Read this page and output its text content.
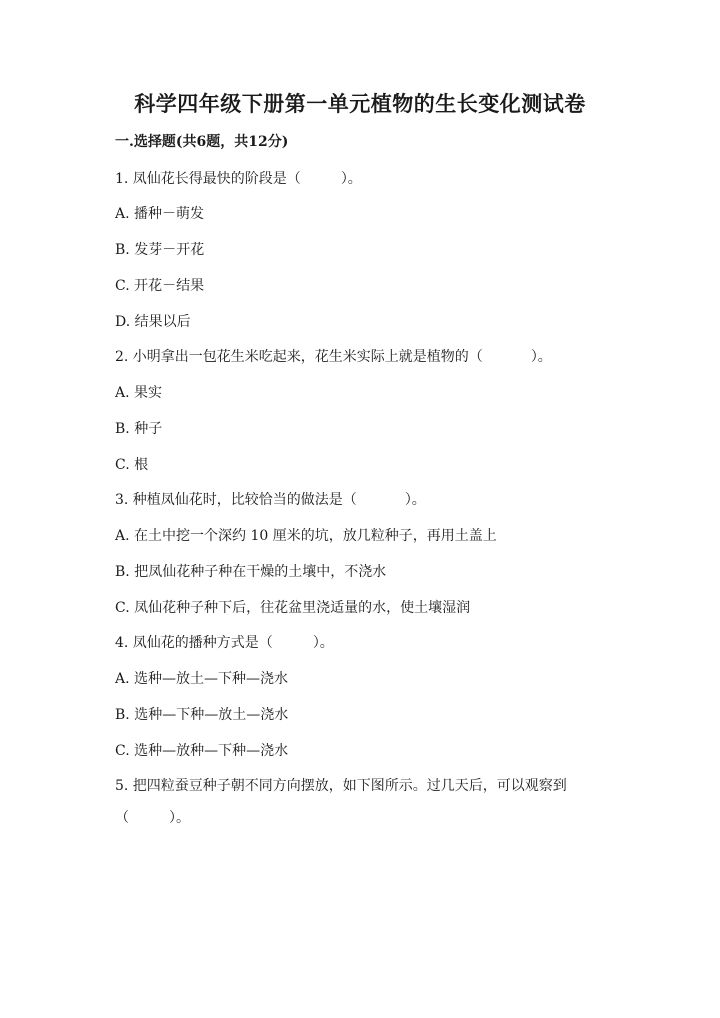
科学四年级下册第一单元植物的生长变化测试卷

一.选择题(共6题，共12分)

1. 凤仙花长得最快的阶段是（	）。

A. 播种－萌发

B. 发芽－开花

C. 开花－结果

D. 结果以后

2. 小明拿出一包花生米吃起来，花生米实际上就是植物的（	）。

A. 果实

B. 种子

C. 根

3. 种植凤仙花时，比较恰当的做法是（	）。

A. 在土中挖一个深约 10 厘米的坑，放几粒种子，再用土盖上

B. 把凤仙花种子种在干燥的土壤中，不浇水

C. 凤仙花种子种下后，往花盆里浇适量的水，使土壤湿润

4. 凤仙花的播种方式是（	）。

A. 选种—放土—下种—浇水

B. 选种—下种—放土—浇水

C. 选种—放种—下种—浇水

5. 把四粒蚕豆种子朝不同方向摆放，如下图所示。过几天后，可以观察到

（	）。
